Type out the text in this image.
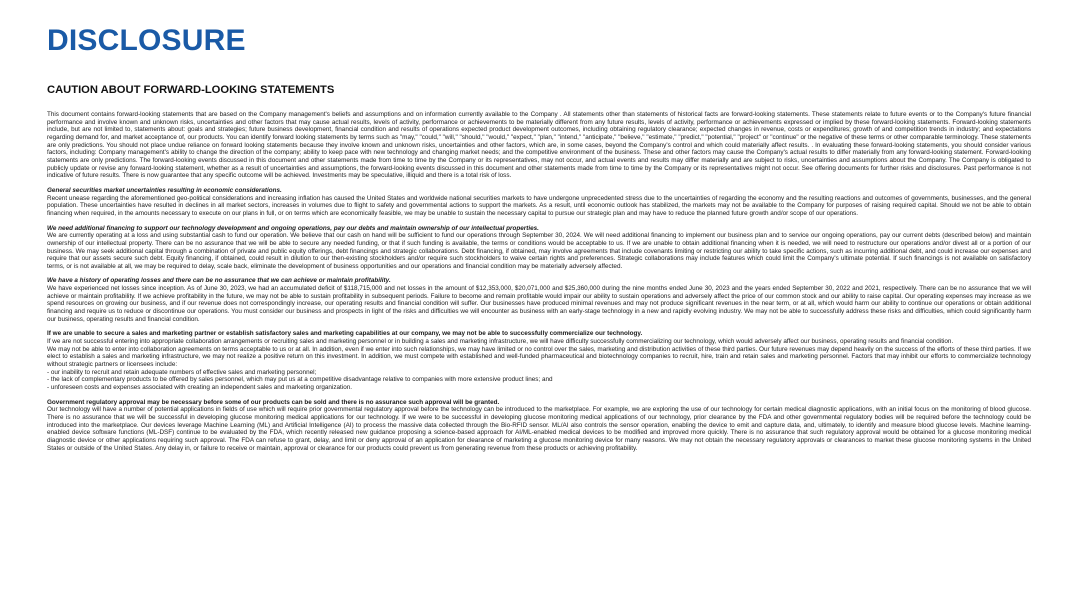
DISCLOSURE
CAUTION ABOUT FORWARD-LOOKING STATEMENTS

This document contains forward-looking statements that are based on the Company management's beliefs and assumptions and on information currently available to the Company . All statements other than statements of historical facts are forward-looking statements. These statements relate to future events or to the Company's future financial performance and involve known and unknown risks, uncertainties and other factors that may cause actual results, levels of activity, performance or achievements to be materially different from any future results, levels of activity, performance or achievements expressed or implied by these forward-looking statements. Forward-looking statements include, but are not limited to, statements about: goals and strategies; future business development, financial condition and results of operations expected product development outcomes, including obtaining regulatory clearance; expected changes in revenue, costs or expenditures; growth of and competition trends in industry; and expectations regarding demand for, and market acceptance of, our products. You can identify forward looking statements by terms such as "may," "could," "will," "should," "would," "expect," "plan," "intend," "anticipate," "believe," "estimate," "predict," "potential," "project" or "continue" or the negative of these terms or other comparable terminology. These statements are only predictions. You should not place undue reliance on forward looking statements because they involve known and unknown risks, uncertainties and other factors, which are, in some cases, beyond the Company's control and which could materially affect results. . In evaluating these forward-looking statements, you should consider various factors, including: Company management's ability to change the direction of the company; ability to keep pace with new technology and changing market needs; and the competitive environment of the business. These and other factors may cause the Company's actual results to differ materially from any forward-looking statement. Forward-looking statements are only predictions. The forward-looking events discussed in this document and other statements made from time to time by the Company or its representatives, may not occur, and actual events and results may differ materially and are subject to risks, uncertainties and assumptions about the Company. The Company is obligated to publicly update or revise any forward-looking statement, whether as a result of uncertainties and assumptions, the forward-looking events discussed in this document and other statements made from time to time by the Company or its representatives might not occur. See offering documents for further risks and disclosures. Past performance is not indicative of future results. There is now guarantee that any specific outcome will be achieved. Investments may be speculative, illiquid and there is a total risk of loss.

General securities market uncertainties resulting in economic considerations.
Recent unease regarding the aforementioned geo-political considerations and increasing inflation has caused the United States and worldwide national securities markets to have undergone unprecedented stress due to the uncertainties of regarding the economy and the resulting reactions and outcomes of governments, businesses, and the general population. These uncertainties have resulted in declines in all market sectors, increases in volumes due to flight to safety and governmental actions to support the markets. As a result, until economic outlook has stabilized, the markets may not be available to the Company for purposes of raising required capital. Should we not be able to obtain financing when required, in the amounts necessary to execute on our plans in full, or on terms which are economically feasible, we may be unable to sustain the necessary capital to pursue our strategic plan and may have to reduce the planned future growth and/or scope of our operations.

We need additional financing to support our technology development and ongoing operations, pay our debts and maintain ownership of our intellectual properties.
We are currently operating at a loss and using substantial cash to fund our operation. We believe that our cash on hand will be sufficient to fund our operations through September 30, 2024. We will need additional financing to implement our business plan and to service our ongoing operations, pay our current debts (described below) and maintain ownership of our intellectual property. There can be no assurance that we will be able to secure any needed funding, or that if such funding is available, the terms or conditions would be acceptable to us. If we are unable to obtain additional financing when it is needed, we will need to restructure our operations and/or divest all or a portion of our business. We may seek additional capital through a combination of private and public equity offerings, debt financings and strategic collaborations. Debt financing, if obtained, may involve agreements that include covenants limiting or restricting our ability to take specific actions, such as incurring additional debt, and could increase our expenses and require that our assets secure such debt. Equity financing, if obtained, could result in dilution to our then-existing stockholders and/or require such stockholders to waive certain rights and preferences. Strategic collaborations may include features which could limit the Company's ultimate potential. If such financings is not available on satisfactory terms, or is not available at all, we may be required to delay, scale back, eliminate the development of business opportunities and our operations and financial condition may be materially adversely affected.

We have a history of operating losses and there can be no assurance that we can achieve or maintain profitability.
We have experienced net losses since inception. As of June 30, 2023, we had an accumulated deficit of $118,715,000 and net losses in the amount of $12,353,000, $20,071,000 and $25,360,000 during the nine months ended June 30, 2023 and the years ended September 30, 2022 and 2021, respectively. There can be no assurance that we will achieve or maintain profitability. If we achieve profitability in the future, we may not be able to sustain profitability in subsequent periods. Failure to become and remain profitable would impair our ability to sustain operations and adversely affect the price of our common stock and our ability to raise capital. Our operating expenses may increase as we spend resources on growing our business, and if our revenue does not correspondingly increase, our operating results and financial condition will suffer. Our businesses have produced minimal revenues and may not produce significant revenues in the near term, or at all, which would harm our ability to continue our operations or obtain additional financing and require us to reduce or discontinue our operations. You must consider our business and prospects in light of the risks and difficulties we will encounter as business with an early-stage technology in a new and rapidly evolving industry. We may not be able to successfully address these risks and difficulties, which could significantly harm our business, operating results and financial condition.

If we are unable to secure a sales and marketing partner or establish satisfactory sales and marketing capabilities at our company, we may not be able to successfully commercialize our technology.
If we are not successful entering into appropriate collaboration arrangements or recruiting sales and marketing personnel or in building a sales and marketing infrastructure, we will have difficulty successfully commercializing our technology, which would adversely affect our business, operating results and financial condition.
We may not be able to enter into collaboration agreements on terms acceptable to us or at all. In addition, even if we enter into such relationships, we may have limited or no control over the sales, marketing and distribution activities of these third parties. Our future revenues may depend heavily on the success of the efforts of these third parties. If we elect to establish a sales and marketing infrastructure, we may not realize a positive return on this investment. In addition, we must compete with established and well-funded pharmaceutical and biotechnology companies to recruit, hire, train and retain sales and marketing personnel. Factors that may inhibit our efforts to commercialize technology without strategic partners or licensees include:
- our inability to recruit and retain adequate numbers of effective sales and marketing personnel;
- the lack of complementary products to be offered by sales personnel, which may put us at a competitive disadvantage relative to companies with more extensive product lines; and
- unforeseen costs and expenses associated with creating an independent sales and marketing organization.

Government regulatory approval may be necessary before some of our products can be sold and there is no assurance such approval will be granted.
Our technology will have a number of potential applications in fields of use which will require prior governmental regulatory approval before the technology can be introduced to the marketplace. For example, we are exploring the use of our technology for certain medical diagnostic applications, with an initial focus on the monitoring of blood glucose. There is no assurance that we will be successful in developing glucose monitoring medical applications for our technology. If we were to be successful in developing glucose monitoring medical applications of our technology, prior clearance by the FDA and other governmental regulatory bodies will be required before the technology could be introduced into the marketplace. Our devices leverage Machine Learning (ML) and Artificial Intelligence (AI) to process the massive data collected through the Bio-RFID sensor. ML/AI also controls the sensor operation, enabling the device to emit and capture data, and, ultimately, to identify and measure blood glucose levels. Machine learning-enabled device software functions (ML-DSF) continue to be evaluated by the FDA, which recently released new guidance proposing a science-based approach for AI/ML-enabled medical devices to be modified and improved more quickly. There is no assurance that such regulatory approval would be obtained for a glucose monitoring medical diagnostic device or other applications requiring such approval. The FDA can refuse to grant, delay, and limit or deny approval of an application for clearance of marketing a glucose monitoring device for many reasons. We may not obtain the necessary regulatory approvals or clearances to market these glucose monitoring systems in the United States or outside of the United States. Any delay in, or failure to receive or maintain, approval or clearance for our products could prevent us from generating revenue from these products or achieving profitability.
